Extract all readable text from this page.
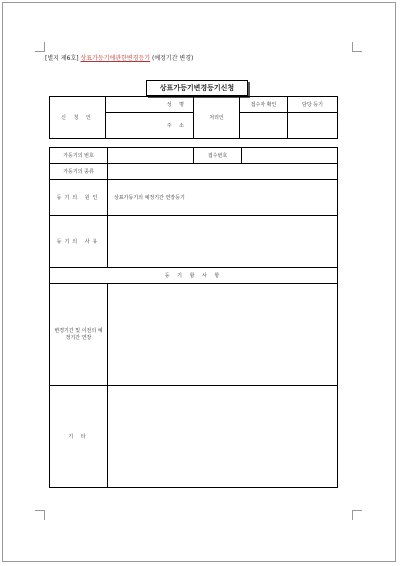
[별지 제6호] 상표가등기에관한변경등기 (예정기간 변경)
상표가등기변경등기신청
신 청 인	성 명	처리인	접수자 확인	담당 등기
	주 소			
가등기의 번호		접수번호	
가등기의 종류			
등기의 원인	상표가등기의 예정기간 연장등기		
등기의 사유			
등 기 할 사 항			
변경기간 및 이전의 예정기간 연장			
기 타			
